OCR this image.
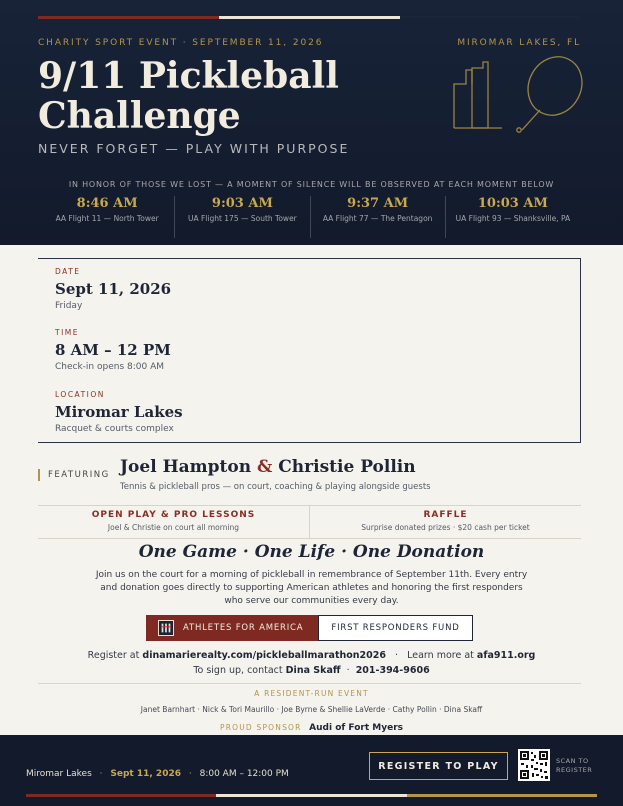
CHARITY SPORT EVENT · SEPTEMBER 11, 2026	MIROMAR LAKES, FL
9/11 Pickleball
Challenge
NEVER FORGET — PLAY WITH PURPOSE
IN HONOR OF THOSE WE LOST — A MOMENT OF SILENCE WILL BE OBSERVED AT EACH MOMENT BELOW
8:46 AM
AA Flight 11 — North Tower
9:03 AM
UA Flight 175 — South Tower
9:37 AM
AA Flight 77 — The Pentagon
10:03 AM
UA Flight 93 — Shanksville, PA
DATE
Sept 11, 2026
Friday
TIME
8 AM – 12 PM
Check-in opens 8:00 AM
LOCATION
Miromar Lakes
Racquet & courts complex
FEATURING Joel Hampton & Christie Pollin
Tennis & pickleball pros — on court, coaching & playing alongside guests
OPEN PLAY & PRO LESSONS
Joel & Christie on court all morning
RAFFLE
Surprise donated prizes · $20 cash per ticket
One Game · One Life · One Donation
Join us on the court for a morning of pickleball in remembrance of September 11th. Every entry and donation goes directly to supporting American athletes and honoring the first responders who serve our communities every day.
ATHLETES FOR AMERICA	FIRST RESPONDERS FUND
Register at dinamarierealty.com/pickleballmarathon2026 · Learn more at afa911.org
To sign up, contact Dina Skaff · 201-394-9606
A RESIDENT-RUN EVENT
Janet Barnhart · Nick & Tori Maurillo · Joe Byrne & Shellie LaVerde · Cathy Pollin · Dina Skaff
PROUD SPONSOR Audi of Fort Myers
Miromar Lakes · Sept 11, 2026 · 8:00 AM – 12:00 PM
REGISTER TO PLAY	SCAN TO
REGISTER
